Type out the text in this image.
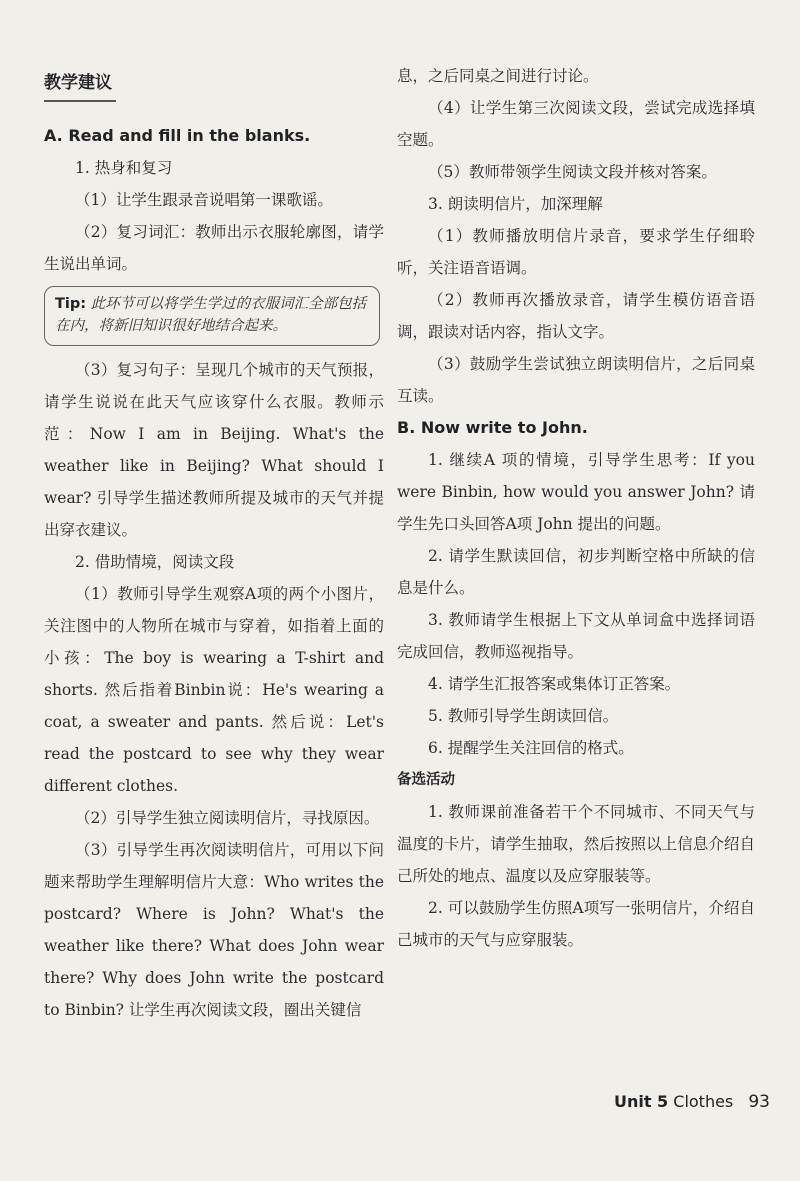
教学建议

A. Read and fill in the blanks.

1. 热身和复习

（1）让学生跟录音说唱第一课歌谣。

（2）复习词汇：教师出示衣服轮廓图，请学生说出单词。

Tip: 此环节可以将学生学过的衣服词汇全部包括在内，将新旧知识很好地结合起来。

（3）复习句子：呈现几个城市的天气预报，请学生说说在此天气应该穿什么衣服。教师示范：Now I am in Beijing. What's the weather like in Beijing? What should I wear? 引导学生描述教师所提及城市的天气并提出穿衣建议。

2. 借助情境，阅读文段

（1）教师引导学生观察A项的两个小图片，关注图中的人物所在城市与穿着，如指着上面的小孩：The boy is wearing a T-shirt and shorts. 然后指着Binbin说：He's wearing a coat, a sweater and pants. 然后说：Let's read the postcard to see why they wear different clothes.

（2）引导学生独立阅读明信片，寻找原因。

（3）引导学生再次阅读明信片，可用以下问题来帮助学生理解明信片大意：Who writes the postcard? Where is John? What's the weather like there? What does John wear there? Why does John write the postcard to Binbin? 让学生再次阅读文段，圈出关键信

息，之后同桌之间进行讨论。

（4）让学生第三次阅读文段，尝试完成选择填空题。

（5）教师带领学生阅读文段并核对答案。

3. 朗读明信片，加深理解

（1）教师播放明信片录音，要求学生仔细聆听，关注语音语调。

（2）教师再次播放录音，请学生模仿语音语调，跟读对话内容，指认文字。

（3）鼓励学生尝试独立朗读明信片，之后同桌互读。

B. Now write to John.

1. 继续A 项的情境，引导学生思考：If you were Binbin, how would you answer John? 请学生先口头回答A项 John 提出的问题。

2. 请学生默读回信，初步判断空格中所缺的信息是什么。

3. 教师请学生根据上下文从单词盒中选择词语完成回信，教师巡视指导。

4. 请学生汇报答案或集体订正答案。

5. 教师引导学生朗读回信。

6. 提醒学生关注回信的格式。

备选活动

1. 教师课前准备若干个不同城市、不同天气与温度的卡片，请学生抽取，然后按照以上信息介绍自己所处的地点、温度以及应穿服装等。

2. 可以鼓励学生仿照A项写一张明信片，介绍自己城市的天气与应穿服装。

Unit 5 Clothes 93
